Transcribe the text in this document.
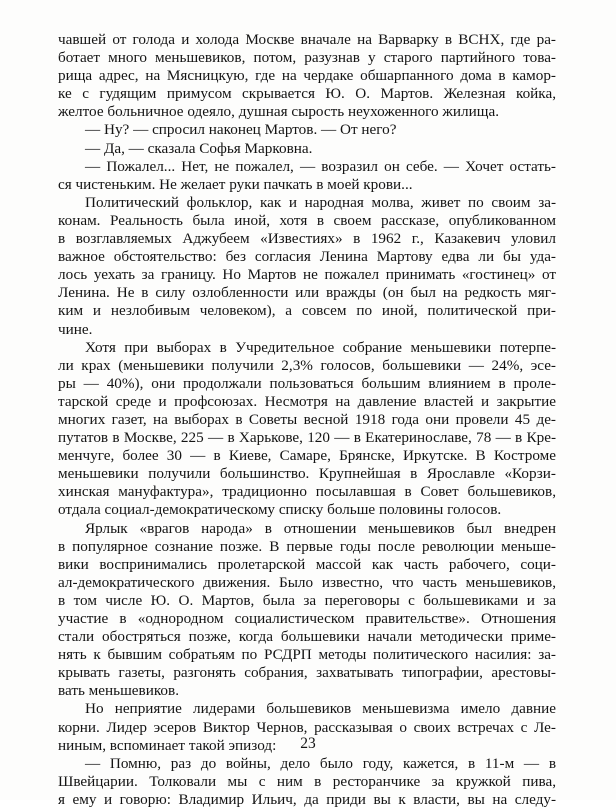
чавшей от голода и холода Москве вначале на Варварку в ВСНХ, где ра-
ботает много меньшевиков, потом, разузнав у старого партийного това-
рища адрес, на Мясницкую, где на чердаке обшарпанного дома в камор-
ке с гудящим примусом скрывается Ю. О. Мартов. Железная койка,
желтое больничное одеяло, душная сырость неухоженного жилища.
— Ну? — спросил наконец Мартов. — От него?
— Да, — сказала Софья Марковна.
— Пожалел... Нет, не пожалел, — возразил он себе. — Хочет остать-
ся чистеньким. Не желает руки пачкать в моей крови...
Политический фольклор, как и народная молва, живет по своим за-
конам. Реальность была иной, хотя в своем рассказе, опубликованном
в возглавляемых Аджубеем «Известиях» в 1962 г., Казакевич уловил
важное обстоятельство: без согласия Ленина Мартову едва ли бы уда-
лось уехать за границу. Но Мартов не пожалел принимать «гостинец» от
Ленина. Не в силу озлобленности или вражды (он был на редкость мяг-
ким и незлобивым человеком), а совсем по иной, политической при-
чине.
Хотя при выборах в Учредительное собрание меньшевики потерпе-
ли крах (меньшевики получили 2,3% голосов, большевики — 24%, эсе-
ры — 40%), они продолжали пользоваться большим влиянием в проле-
тарской среде и профсоюзах. Несмотря на давление властей и закрытие
многих газет, на выборах в Советы весной 1918 года они провели 45 де-
путатов в Москве, 225 — в Харькове, 120 — в Екатеринославе, 78 — в Кре-
менчуге, более 30 — в Киеве, Самаре, Брянске, Иркутске. В Костроме
меньшевики получили большинство. Крупнейшая в Ярославле «Корзи-
хинская мануфактура», традиционно посылавшая в Совет большевиков,
отдала социал-демократическому списку больше половины голосов.
Ярлык «врагов народа» в отношении меньшевиков был внедрен
в популярное сознание позже. В первые годы после революции меньше-
вики воспринимались пролетарской массой как часть рабочего, соци-
ал-демократического движения. Было известно, что часть меньшевиков,
в том числе Ю. О. Мартов, была за переговоры с большевиками и за
участие в «однородном социалистическом правительстве». Отношения
стали обостряться позже, когда большевики начали методически приме-
нять к бывшим собратьям по РСДРП методы политического насилия: за-
крывать газеты, разгонять собрания, захватывать типографии, арестовы-
вать меньшевиков.
Но неприятие лидерами большевиков меньшевизма имело давние
корни. Лидер эсеров Виктор Чернов, рассказывая о своих встречах с Ле-
ниным, вспоминает такой эпизод:
— Помню, раз до войны, дело было году, кажется, в 11-м — в
Швейцарии. Толковали мы с ним в ресторанчике за кружкой пива,
я ему и говорю: Владимир Ильич, да приди вы к власти, вы на следу-
23
